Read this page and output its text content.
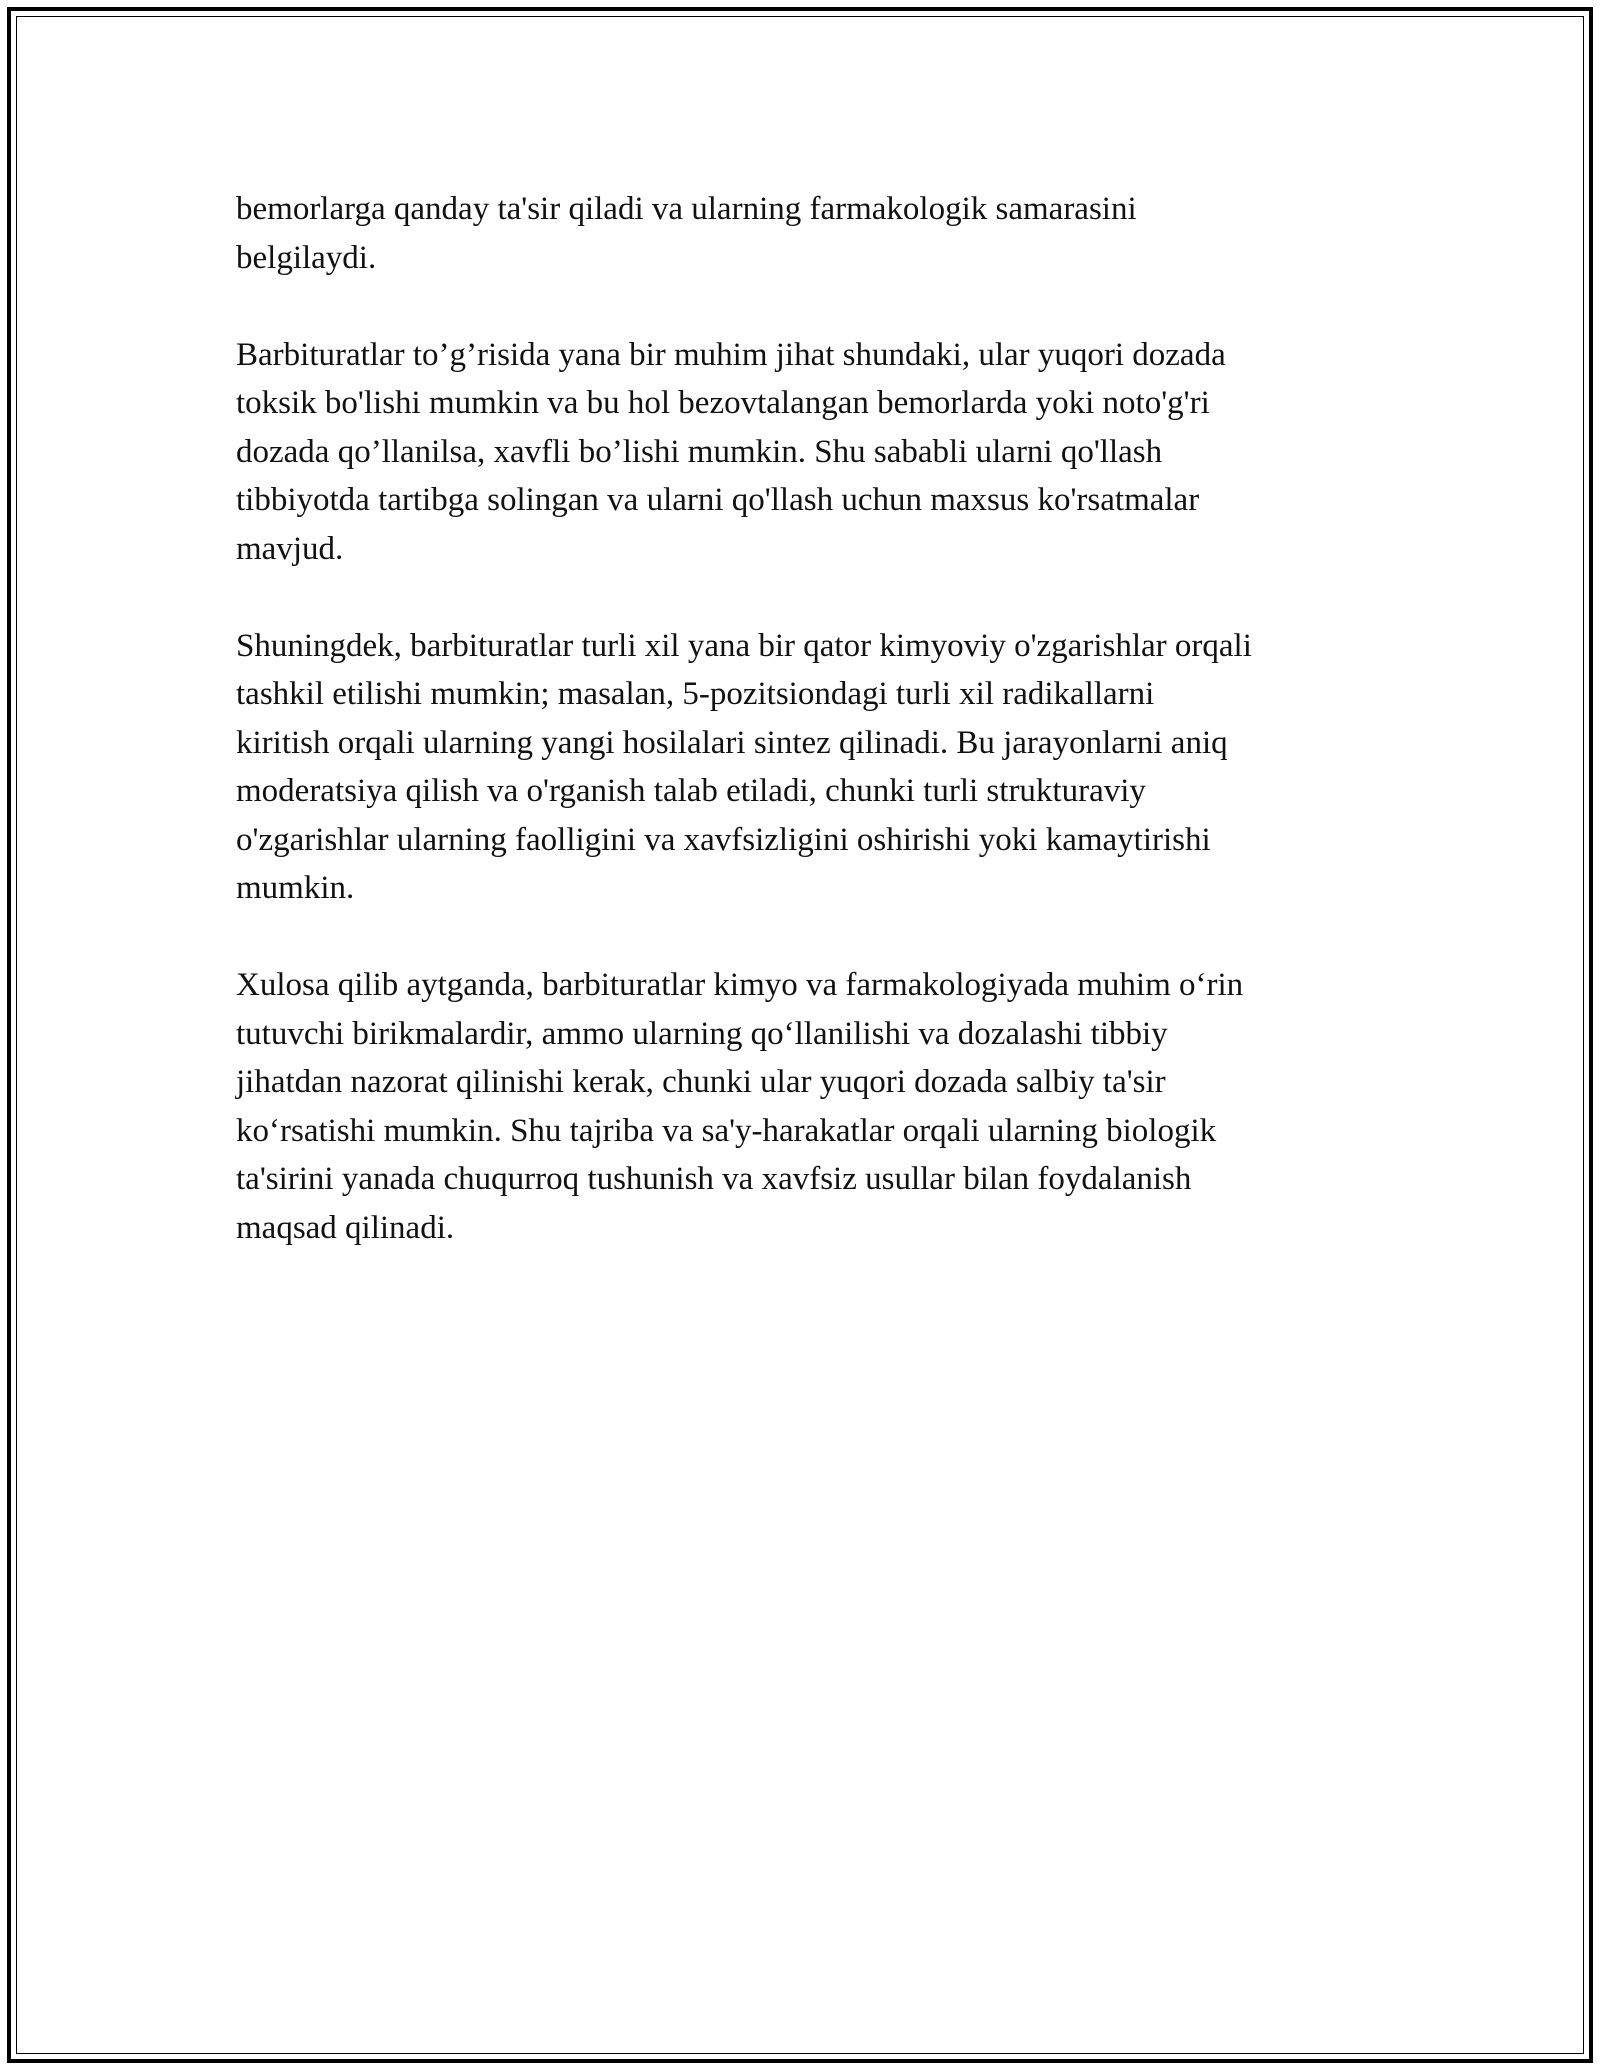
bemorlarga qanday ta'sir qiladi va ularning farmakologik samarasini
belgilaydi.

Barbituratlar to’g’risida yana bir muhim jihat shundaki, ular yuqori dozada
toksik bo'lishi mumkin va bu hol bezovtalangan bemorlarda yoki noto'g'ri
dozada qo’llanilsa, xavfli bo’lishi mumkin. Shu sababli ularni qo'llash
tibbiyotda tartibga solingan va ularni qo'llash uchun maxsus ko'rsatmalar
mavjud.

Shuningdek, barbituratlar turli xil yana bir qator kimyoviy o'zgarishlar orqali
tashkil etilishi mumkin; masalan, 5-pozitsiondagi turli xil radikallarni
kiritish orqali ularning yangi hosilalari sintez qilinadi. Bu jarayonlarni aniq
moderatsiya qilish va o'rganish talab etiladi, chunki turli strukturaviy
o'zgarishlar ularning faolligini va xavfsizligini oshirishi yoki kamaytirishi
mumkin.

Xulosa qilib aytganda, barbituratlar kimyo va farmakologiyada muhim o‘rin
tutuvchi birikmalardir, ammo ularning qo‘llanilishi va dozalashi tibbiy
jihatdan nazorat qilinishi kerak, chunki ular yuqori dozada salbiy ta'sir
ko‘rsatishi mumkin. Shu tajriba va sa'y-harakatlar orqali ularning biologik
ta'sirini yanada chuqurroq tushunish va xavfsiz usullar bilan foydalanish
maqsad qilinadi.
